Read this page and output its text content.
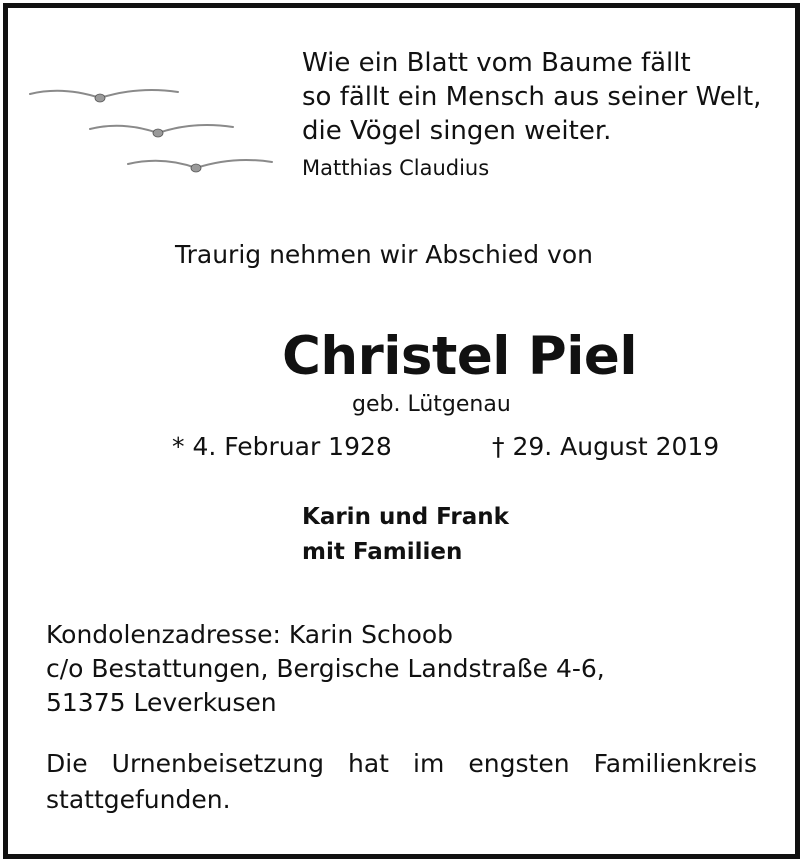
Wie ein Blatt vom Baume fällt
so fällt ein Mensch aus seiner Welt,
die Vögel singen weiter.
Matthias Claudius
Traurig nehmen wir Abschied von
Christel Piel
geb. Lütgenau
* 4. Februar 1928	† 29. August 2019
Karin und Frank
mit Familien
Kondolenzadresse: Karin Schoob
c/o Bestattungen, Bergische Landstraße 4-6,
51375 Leverkusen
Die Urnenbeisetzung hat im engsten Familienkreis
stattgefunden.
